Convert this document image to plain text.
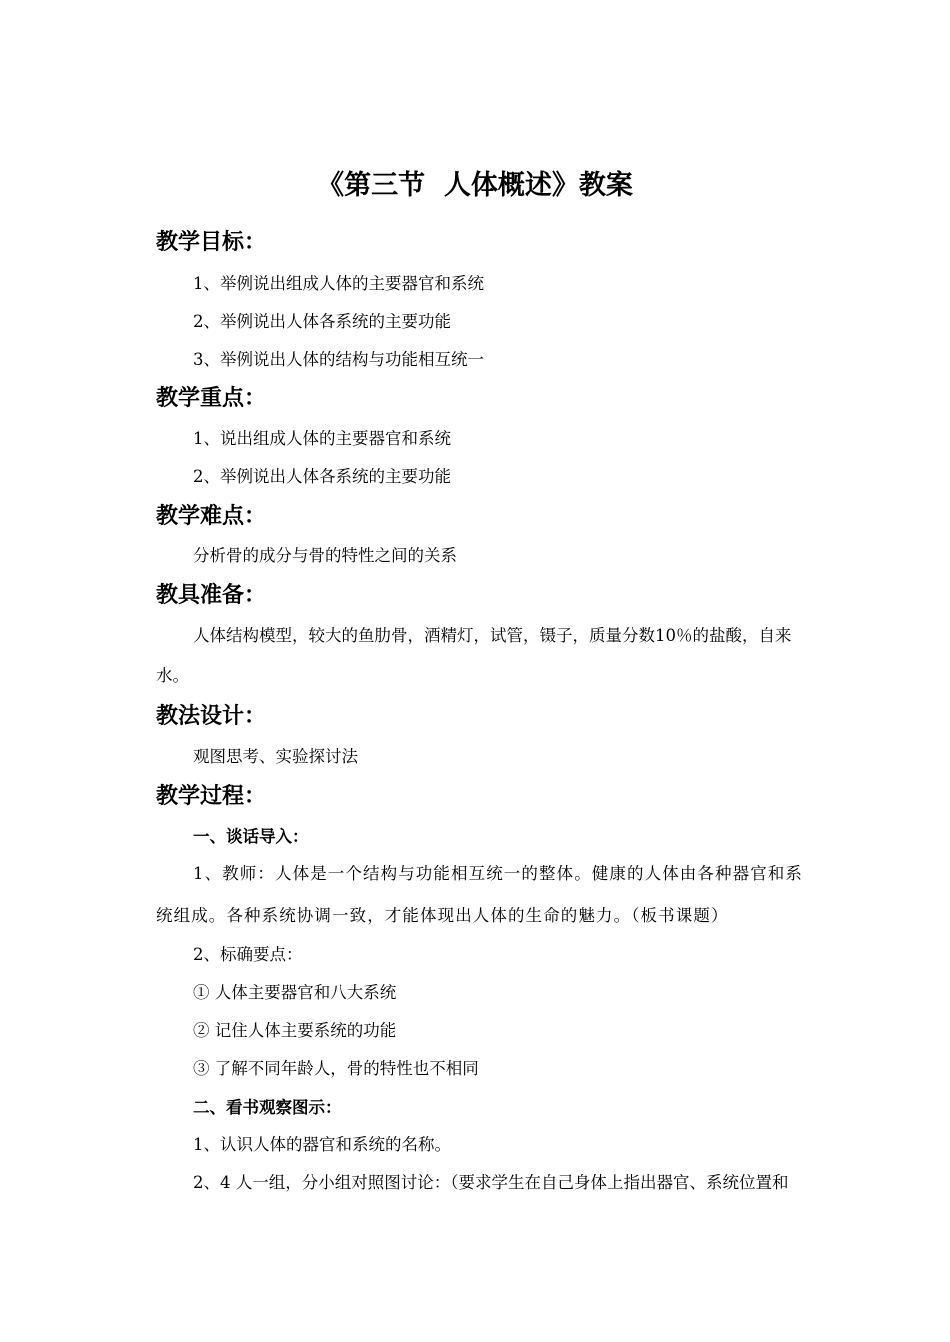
《第三节  人体概述》教案
教学目标：
1、举例说出组成人体的主要器官和系统
2、举例说出人体各系统的主要功能
3、举例说出人体的结构与功能相互统一
教学重点：
1、说出组成人体的主要器官和系统
2、举例说出人体各系统的主要功能
教学难点：
分析骨的成分与骨的特性之间的关系
教具准备：
人体结构模型，较大的鱼肋骨，酒精灯，试管，镊子，质量分数10％的盐酸，自来
水。
教法设计：
观图思考、实验探讨法
教学过程：
一、谈话导入：
1、教师：人体是一个结构与功能相互统一的整体。健康的人体由各种器官和系
统组成。各种系统协调一致，才能体现出人体的生命的魅力。（板书课题）
2、标确要点：
① 人体主要器官和八大系统
② 记住人体主要系统的功能
③ 了解不同年龄人，骨的特性也不相同
二、看书观察图示：
1、认识人体的器官和系统的名称。
2、4 人一组，分小组对照图讨论：（要求学生在自己身体上指出器官、系统位置和
